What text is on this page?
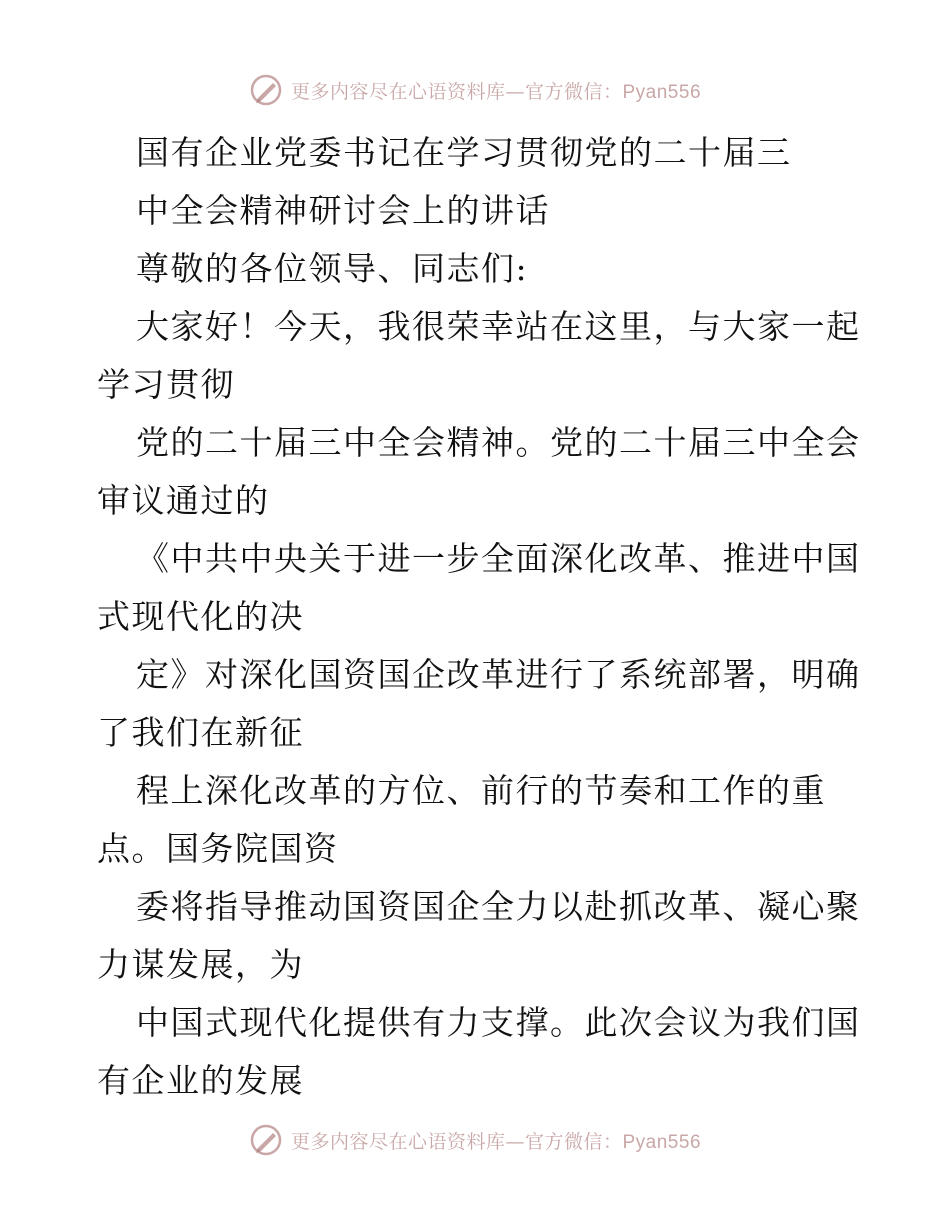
更多内容尽在心语资料库—官方微信：Pyan556
国有企业党委书记在学习贯彻党的二十届三
中全会精神研讨会上的讲话
尊敬的各位领导、同志们:
大家好！今天，我很荣幸站在这里，与大家一起
学习贯彻
党的二十届三中全会精神。党的二十届三中全会
审议通过的
《中共中央关于进一步全面深化改革、推进中国
式现代化的决
定》对深化国资国企改革进行了系统部署，明确
了我们在新征
程上深化改革的方位、前行的节奏和工作的重
点。国务院国资
委将指导推动国资国企全力以赴抓改革、凝心聚
力谋发展，为
中国式现代化提供有力支撑。此次会议为我们国
有企业的发展
更多内容尽在心语资料库—官方微信：Pyan556
